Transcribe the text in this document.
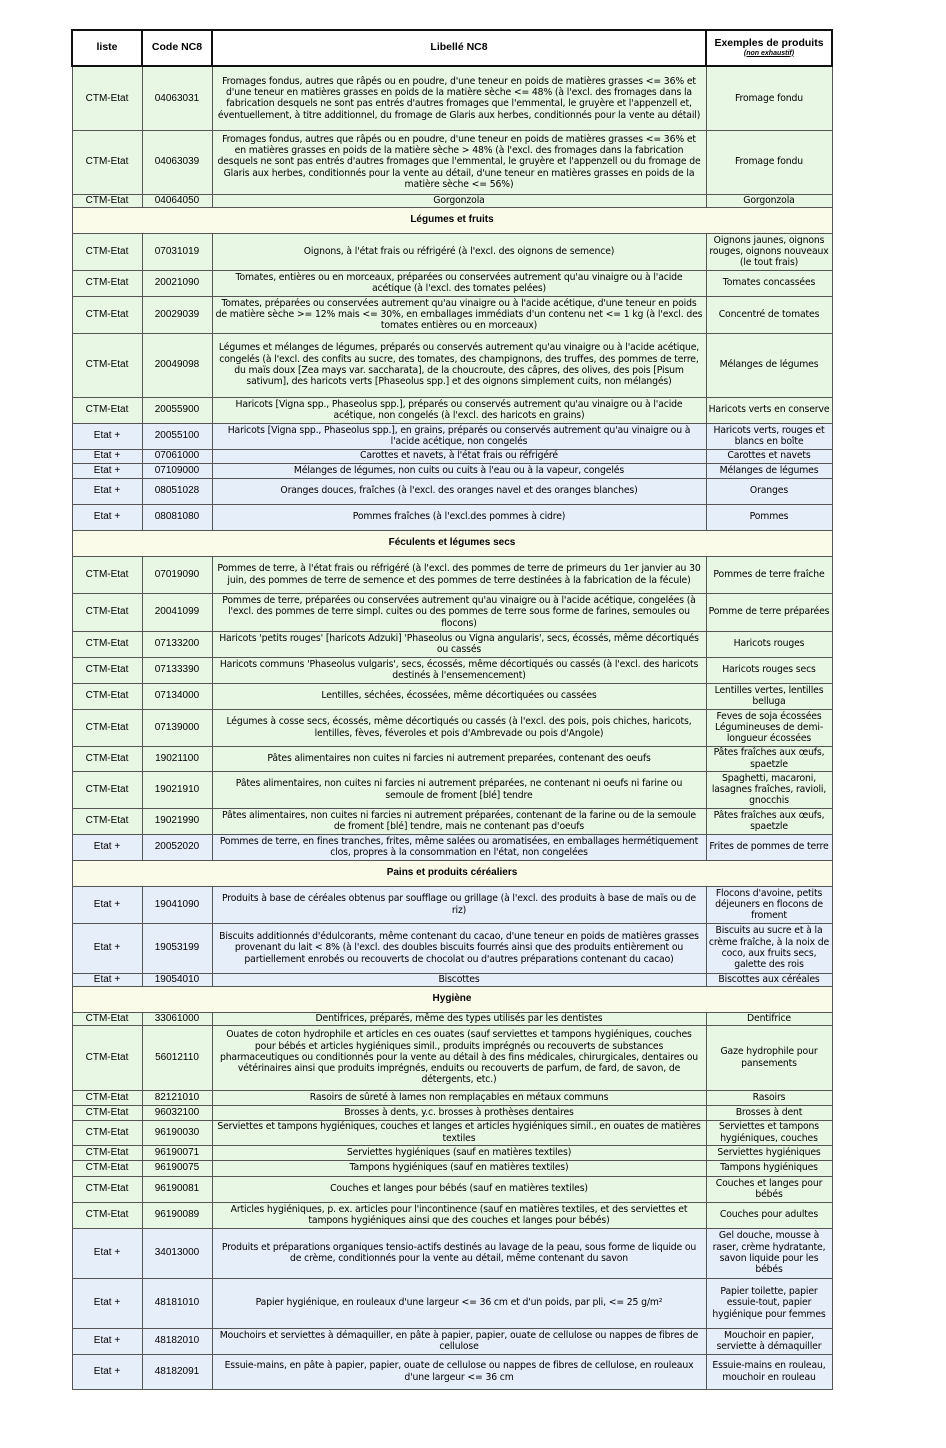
liste	Code NC8	Libellé NC8	Exemples de produits
(non exhaustif)

CTM-Etat	04063031	Fromages fondus, autres que râpés ou en poudre, d'une teneur en poids de matières grasses <= 36% et d'une teneur en matières grasses en poids de la matière sèche <= 48% (à l'excl. des fromages dans la fabrication desquels ne sont pas entrés d'autres fromages que l'emmental, le gruyère et l'appenzell et, éventuellement, à titre additionnel, du fromage de Glaris aux herbes, conditionnés pour la vente au détail)	Fromage fondu
CTM-Etat	04063039	Fromages fondus, autres que râpés ou en poudre, d'une teneur en poids de matières grasses <= 36% et en matières grasses en poids de la matière sèche > 48% (à l'excl. des fromages dans la fabrication desquels ne sont pas entrés d'autres fromages que l'emmental, le gruyère et l'appenzell ou du fromage de Glaris aux herbes, conditionnés pour la vente au détail, d'une teneur en matières grasses en poids de la matière sèche <= 56%)	Fromage fondu
CTM-Etat	04064050	Gorgonzola	Gorgonzola
Légumes et fruits			
CTM-Etat	07031019	Oignons, à l'état frais ou réfrigéré (à l'excl. des oignons de semence)	Oignons jaunes, oignons rouges, oignons nouveaux (le tout frais)
CTM-Etat	20021090	Tomates, entières ou en morceaux, préparées ou conservées autrement qu'au vinaigre ou à l'acide acétique (à l'excl. des tomates pelées)	Tomates concassées
CTM-Etat	20029039	Tomates, préparées ou conservées autrement qu'au vinaigre ou à l'acide acétique, d'une teneur en poids de matière sèche >= 12% mais <= 30%, en emballages immédiats d'un contenu net <= 1 kg (à l'excl. des tomates entières ou en morceaux)	Concentré de tomates
CTM-Etat	20049098	Légumes et mélanges de légumes, préparés ou conservés autrement qu'au vinaigre ou à l'acide acétique, congelés (à l'excl. des confits au sucre, des tomates, des champignons, des truffes, des pommes de terre, du maïs doux [Zea mays var. saccharata], de la choucroute, des câpres, des olives, des pois [Pisum sativum], des haricots verts [Phaseolus spp.] et des oignons simplement cuits, non mélangés)	Mélanges de légumes
CTM-Etat	20055900	Haricots [Vigna spp., Phaseolus spp.], préparés ou conservés autrement qu'au vinaigre ou à l'acide acétique, non congelés (à l'excl. des haricots en grains)	Haricots verts en conserve
Etat +	20055100	Haricots [Vigna spp., Phaseolus spp.], en grains, préparés ou conservés autrement qu'au vinaigre ou à l'acide acétique, non congelés	Haricots verts, rouges et blancs en boîte
Etat +	07061000	Carottes et navets, à l'état frais ou réfrigéré	Carottes et navets
Etat +	07109000	Mélanges de légumes, non cuits ou cuits à l'eau ou à la vapeur, congelés	Mélanges de légumes
Etat +	08051028	Oranges douces, fraîches (à l'excl. des oranges navel et des oranges blanches)	Oranges
Etat +	08081080	Pommes fraîches (à l'excl.des pommes à cidre)	Pommes
Féculents et légumes secs			
CTM-Etat	07019090	Pommes de terre, à l'état frais ou réfrigéré (à l'excl. des pommes de terre de primeurs du 1er janvier au 30 juin, des pommes de terre de semence et des pommes de terre destinées à la fabrication de la fécule)	Pommes de terre fraîche
CTM-Etat	20041099	Pommes de terre, préparées ou conservées autrement qu'au vinaigre ou à l'acide acétique, congelées (à l'excl. des pommes de terre simpl. cuites ou des pommes de terre sous forme de farines, semoules ou flocons)	Pomme de terre préparées
CTM-Etat	07133200	Haricots 'petits rouges' [haricots Adzuki] 'Phaseolus ou Vigna angularis', secs, écossés, même décortiqués ou cassés	Haricots rouges
CTM-Etat	07133390	Haricots communs 'Phaseolus vulgaris', secs, écossés, même décortiqués ou cassés (à l'excl. des haricots destinés à l'ensemencement)	Haricots rouges secs
CTM-Etat	07134000	Lentilles, séchées, écossées, même décortiquées ou cassées	Lentilles vertes, lentilles belluga
CTM-Etat	07139000	Légumes à cosse secs, écossés, même décortiqués ou cassés (à l'excl. des pois, pois chiches, haricots, lentilles, fèves, féveroles et pois d'Ambrevade ou pois d'Angole)	Feves de soja écossées Légumineuses de demi-longueur écossées
CTM-Etat	19021100	Pâtes alimentaires non cuites ni farcies ni autrement preparées, contenant des oeufs	Pâtes fraîches aux œufs, spaetzle
CTM-Etat	19021910	Pâtes alimentaires, non cuites ni farcies ni autrement préparées, ne contenant ni oeufs ni farine ou semoule de froment [blé] tendre	Spaghetti, macaroni, lasagnes fraîches, ravioli, gnocchis
CTM-Etat	19021990	Pâtes alimentaires, non cuites ni farcies ni autrement préparées, contenant de la farine ou de la semoule de froment [blé] tendre, mais ne contenant pas d'oeufs	Pâtes fraîches aux œufs, spaetzle
Etat +	20052020	Pommes de terre, en fines tranches, frites, même salées ou aromatisées, en emballages hermétiquement clos, propres à la consommation en l'état, non congelées	Frites de pommes de terre
Pains et produits céréaliers			
Etat +	19041090	Produits à base de céréales obtenus par soufflage ou grillage (à l'excl. des produits à base de maïs ou de riz)	Flocons d'avoine, petits déjeuners en flocons de froment
Etat +	19053199	Biscuits additionnés d'édulcorants, même contenant du cacao, d'une teneur en poids de matières grasses provenant du lait < 8% (à l'excl. des doubles biscuits fourrés ainsi que des produits entièrement ou partiellement enrobés ou recouverts de chocolat ou d'autres préparations contenant du cacao)	Biscuits au sucre et à la crème fraîche, à la noix de coco, aux fruits secs, galette des rois
Etat +	19054010	Biscottes	Biscottes aux céréales
Hygiène			
CTM-Etat	33061000	Dentifrices, préparés, même des types utilisés par les dentistes	Dentifrice
CTM-Etat	56012110	Ouates de coton hydrophile et articles en ces ouates (sauf serviettes et tampons hygiéniques, couches pour bébés et articles hygiéniques simil., produits imprégnés ou recouverts de substances pharmaceutiques ou conditionnés pour la vente au détail à des fins médicales, chirurgicales, dentaires ou vétérinaires ainsi que produits imprégnés, enduits ou recouverts de parfum, de fard, de savon, de détergents, etc.)	Gaze hydrophile pour pansements
CTM-Etat	82121010	Rasoirs de sûreté à lames non remplaçables en métaux communs	Rasoirs
CTM-Etat	96032100	Brosses à dents, y.c. brosses à prothèses dentaires	Brosses à dent
CTM-Etat	96190030	Serviettes et tampons hygiéniques, couches et langes et articles hygiéniques simil., en ouates de matières textiles	Serviettes et tampons hygiéniques, couches
CTM-Etat	96190071	Serviettes hygiéniques (sauf en matières textiles)	Serviettes hygiéniques
CTM-Etat	96190075	Tampons hygiéniques (sauf en matières textiles)	Tampons hygiéniques
CTM-Etat	96190081	Couches et langes pour bébés (sauf en matières textiles)	Couches et langes pour bébés
CTM-Etat	96190089	Articles hygiéniques, p. ex. articles pour l'incontinence (sauf en matières textiles, et des serviettes et tampons hygiéniques ainsi que des couches et langes pour bébés)	Couches pour adultes
Etat +	34013000	Produits et préparations organiques tensio-actifs destinés au lavage de la peau, sous forme de liquide ou de crème, conditionnés pour la vente au détail, même contenant du savon	Gel douche, mousse à raser, crème hydratante, savon liquide pour les bébés
Etat +	48181010	Papier hygiénique, en rouleaux d'une largeur <= 36 cm et d'un poids, par pli, <= 25 g/m²	Papier toilette, papier essuie-tout, papier hygiénique pour femmes
Etat +	48182010	Mouchoirs et serviettes à démaquiller, en pâte à papier, papier, ouate de cellulose ou nappes de fibres de cellulose	Mouchoir en papier, serviette à démaquiller
Etat +	48182091	Essuie-mains, en pâte à papier, papier, ouate de cellulose ou nappes de fibres de cellulose, en rouleaux d'une largeur <= 36 cm	Essuie-mains en rouleau, mouchoir en rouleau
